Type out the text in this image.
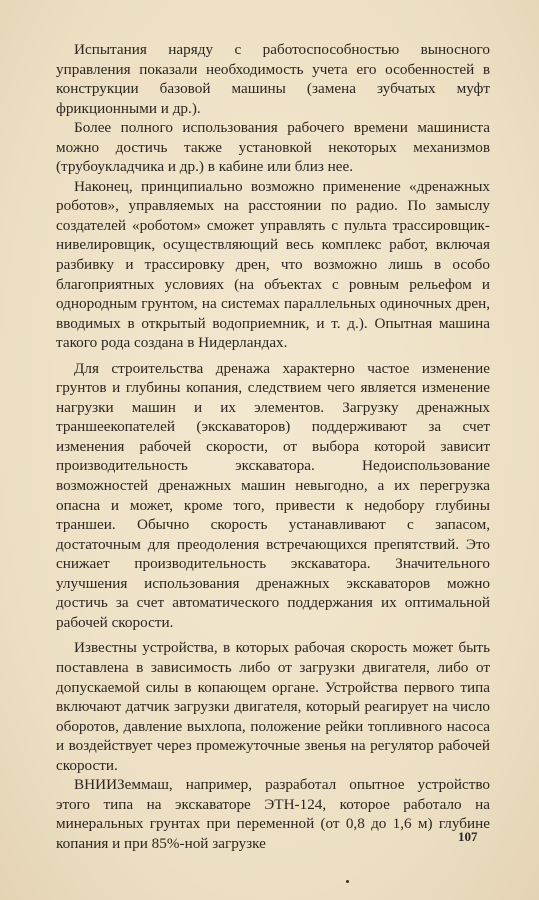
Испытания наряду с работоспособностью выносного управления показали необходимость учета его особенностей в конструкции базовой машины (замена зубчатых муфт фрикционными и др.).

Более полного использования рабочего времени машиниста можно достичь также установкой некоторых механизмов (трубоукладчика и др.) в кабине или близ нее.

Наконец, принципиально возможно применение «дренажных роботов», управляемых на расстоянии по радио. По замыслу создателей «роботом» сможет управлять с пульта трассировщик-нивелировщик, осуществляющий весь комплекс работ, включая разбивку и трассировку дрен, что возможно лишь в особо благоприятных условиях (на объектах с ровным рельефом и однородным грунтом, на системах параллельных одиночных дрен, вводимых в открытый водоприемник, и т. д.). Опытная машина такого рода создана в Нидерландах.

Для строительства дренажа характерно частое изменение грунтов и глубины копания, следствием чего является изменение нагрузки машин и их элементов. Загрузку дренажных траншеекопателей (экскаваторов) поддерживают за счет изменения рабочей скорости, от выбора которой зависит производительность экскаватора. Недоиспользование возможностей дренажных машин невыгодно, а их перегрузка опасна и может, кроме того, привести к недобору глубины траншеи. Обычно скорость устанавливают с запасом, достаточным для преодоления встречающихся препятствий. Это снижает производительность экскаватора. Значительного улучшения использования дренажных экскаваторов можно достичь за счет автоматического поддержания их оптимальной рабочей скорости.

Известны устройства, в которых рабочая скорость может быть поставлена в зависимость либо от загрузки двигателя, либо от допускаемой силы в копающем органе. Устройства первого типа включают датчик загрузки двигателя, который реагирует на число оборотов, давление выхлопа, положение рейки топливного насоса и воздействует через промежуточные звенья на регулятор рабочей скорости.

ВНИИЗеммаш, например, разработал опытное устройство этого типа на экскаваторе ЭТН-124, которое работало на минеральных грунтах при переменной (от 0,8 до 1,6 м) глубине копания и при 85%-ной загрузке	107
